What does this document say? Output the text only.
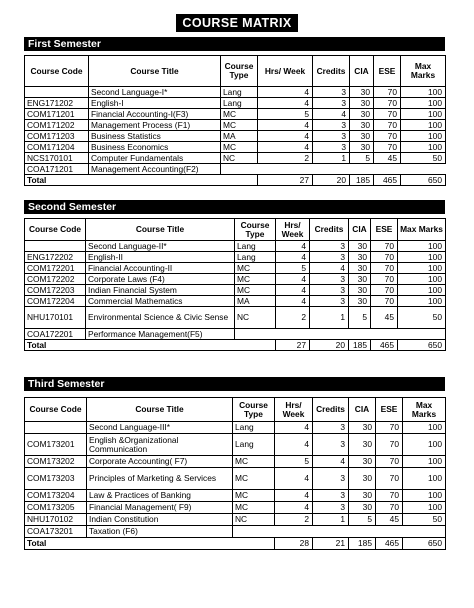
COURSE MATRIX
First Semester
Course Code	Course Title	Course Type	Hrs/ Week	Credits	CIA	ESE	Max Marks
	Second Language-I*	Lang	4	3	30	70	100
ENG171202	English-I	Lang	4	3	30	70	100
COM171201	Financial Accounting-I(F3)	MC	5	4	30	70	100
COM171202	Management Process (F1)	MC	4	3	30	70	100
COM171203	Business Statistics	MA	4	3	30	70	100
COM171204	Business Economics	MC	4	3	30	70	100
NCS170101	Computer Fundamentals	NC	2	1	5	45	50
COA171201	Management Accounting(F2)						
Total			27	20	185	465	650
Second Semester
Course Code	Course Title	Course Type	Hrs/ Week	Credits	CIA	ESE	Max Marks
	Second Language-II*	Lang	4	3	30	70	100
ENG172202	English-II	Lang	4	3	30	70	100
COM172201	Financial Accounting-II	MC	5	4	30	70	100
COM172202	Corporate Laws (F4)	MC	4	3	30	70	100
COM172203	Indian Financial System	MC	4	3	30	70	100
COM172204	Commercial Mathematics	MA	4	3	30	70	100
NHU170101	Environmental Science & Civic Sense	NC	2	1	5	45	50
COA172201	Performance Management(F5)						
Total			27	20	185	465	650
Third Semester
Course Code	Course Title	Course Type	Hrs/ Week	Credits	CIA	ESE	Max Marks
	Second Language-III*	Lang	4	3	30	70	100
COM173201	English &Organizational Communication	Lang	4	3	30	70	100
COM173202	Corporate Accounting( F7)	MC	5	4	30	70	100
COM173203	Principles of Marketing & Services	MC	4	3	30	70	100
COM173204	Law & Practices of Banking	MC	4	3	30	70	100
COM173205	Financial Management( F9)	MC	4	3	30	70	100
NHU170102	Indian Constitution	NC	2	1	5	45	50
COA173201	Taxation (F6)						
Total			28	21	185	465	650
